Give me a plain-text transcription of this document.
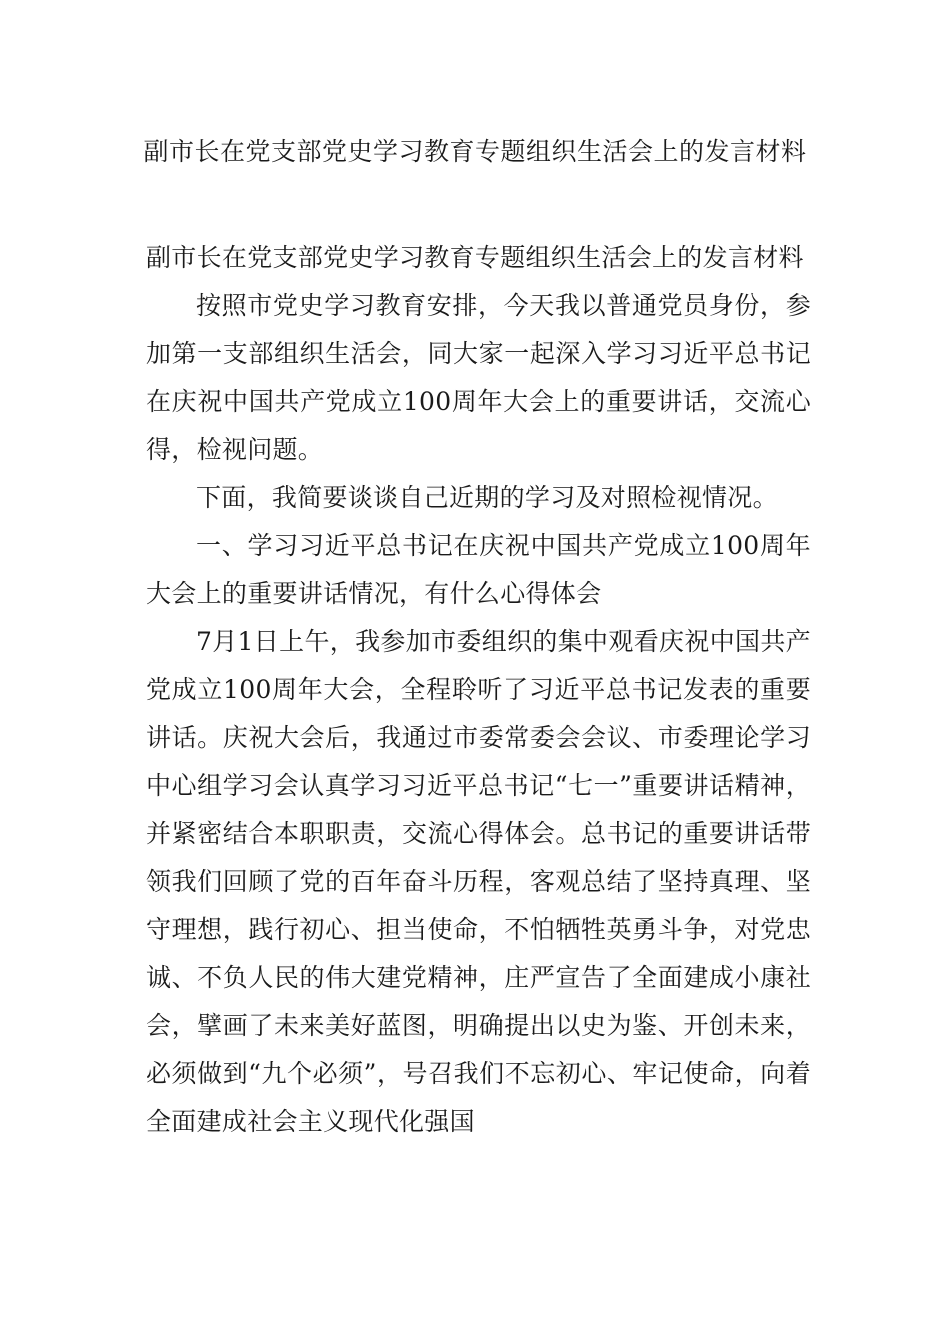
副市长在党支部党史学习教育专题组织生活会上的发言材料

副市长在党支部党史学习教育专题组织生活会上的发言材料

按照市党史学习教育安排，今天我以普通党员身份，参加第一支部组织生活会，同大家一起深入学习习近平总书记在庆祝中国共产党成立100周年大会上的重要讲话，交流心得，检视问题。

下面，我简要谈谈自己近期的学习及对照检视情况。

一、学习习近平总书记在庆祝中国共产党成立100周年大会上的重要讲话情况，有什么心得体会

7月1日上午，我参加市委组织的集中观看庆祝中国共产党成立100周年大会，全程聆听了习近平总书记发表的重要讲话。庆祝大会后，我通过市委常委会会议、市委理论学习中心组学习会认真学习习近平总书记“七一”重要讲话精神，并紧密结合本职职责，交流心得体会。总书记的重要讲话带领我们回顾了党的百年奋斗历程，客观总结了坚持真理、坚守理想，践行初心、担当使命，不怕牺牲英勇斗争，对党忠诚、不负人民的伟大建党精神，庄严宣告了全面建成小康社会，擘画了未来美好蓝图，明确提出以史为鉴、开创未来，必须做到“九个必须”，号召我们不忘初心、牢记使命，向着全面建成社会主义现代化强国
